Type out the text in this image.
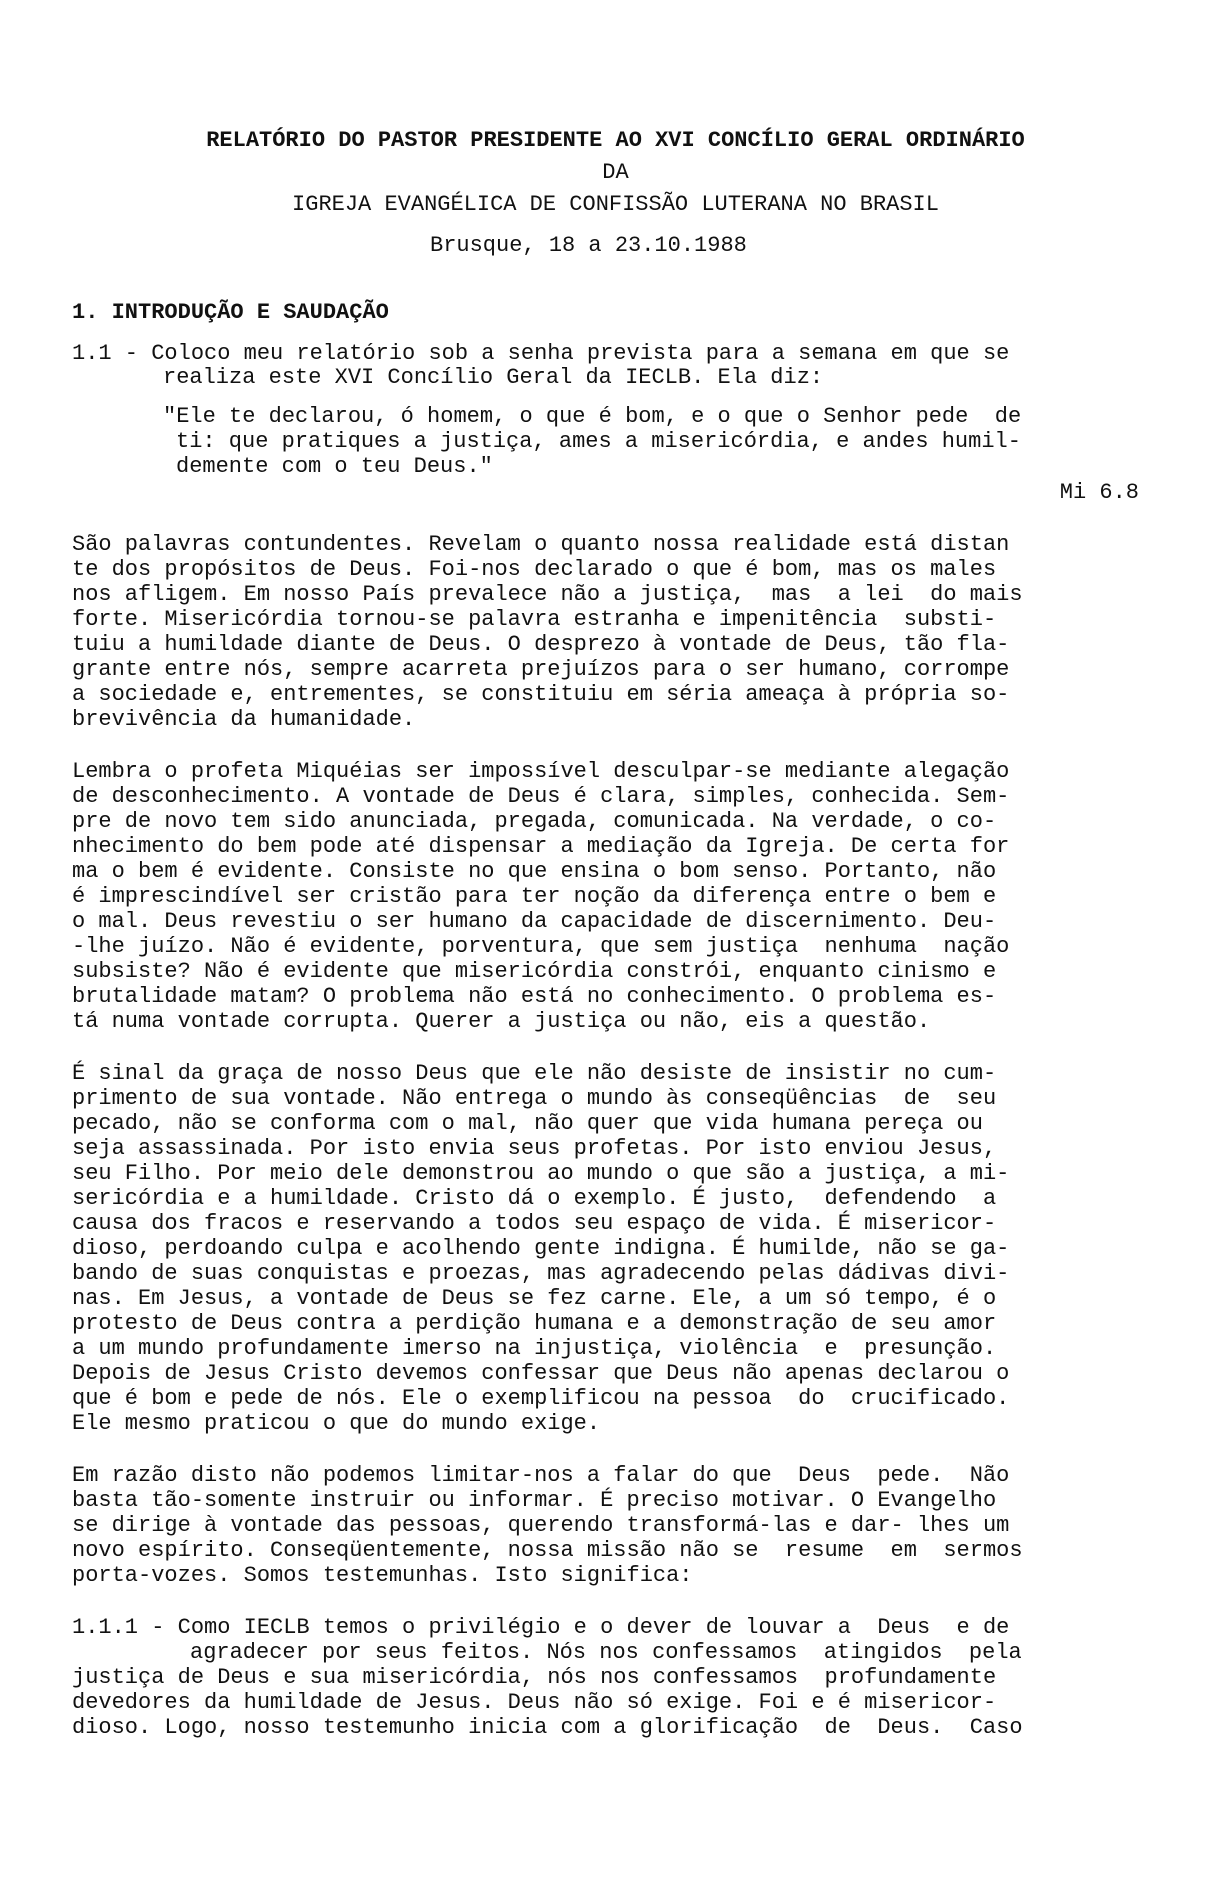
RELATÓRIO DO PASTOR PRESIDENTE AO XVI CONCÍLIO GERAL ORDINÁRIO
DA
IGREJA EVANGÉLICA DE CONFISSÃO LUTERANA NO BRASIL
Brusque, 18 a 23.10.1988
1. INTRODUÇÃO E SAUDAÇÃO
1.1 - Coloco meu relatório sob a senha prevista para a semana em que se
realiza este XVI Concílio Geral da IECLB. Ela diz:
"Ele te declarou, ó homem, o que é bom, e o que o Senhor pede  de
ti: que pratiques a justiça, ames a misericórdia, e andes humil-
demente com o teu Deus."
Mi 6.8
São palavras contundentes. Revelam o quanto nossa realidade está distan
te dos propósitos de Deus. Foi-nos declarado o que é bom, mas os males
nos afligem. Em nosso País prevalece não a justiça,  mas  a lei  do mais
forte. Misericórdia tornou-se palavra estranha e impenitência  substi-
tuiu a humildade diante de Deus. O desprezo à vontade de Deus, tão fla-
grante entre nós, sempre acarreta prejuízos para o ser humano, corrompe
a sociedade e, entrementes, se constituiu em séria ameaça à própria so-
brevivência da humanidade.
Lembra o profeta Miquéias ser impossível desculpar-se mediante alegação
de desconhecimento. A vontade de Deus é clara, simples, conhecida. Sem-
pre de novo tem sido anunciada, pregada, comunicada. Na verdade, o co-
nhecimento do bem pode até dispensar a mediação da Igreja. De certa for
ma o bem é evidente. Consiste no que ensina o bom senso. Portanto, não
é imprescindível ser cristão para ter noção da diferença entre o bem e
o mal. Deus revestiu o ser humano da capacidade de discernimento. Deu-
-lhe juízo. Não é evidente, porventura, que sem justiça  nenhuma  nação
subsiste? Não é evidente que misericórdia constrói, enquanto cinismo e
brutalidade matam? O problema não está no conhecimento. O problema es-
tá numa vontade corrupta. Querer a justiça ou não, eis a questão.
É sinal da graça de nosso Deus que ele não desiste de insistir no cum-
primento de sua vontade. Não entrega o mundo às conseqüências  de  seu
pecado, não se conforma com o mal, não quer que vida humana pereça ou
seja assassinada. Por isto envia seus profetas. Por isto enviou Jesus,
seu Filho. Por meio dele demonstrou ao mundo o que são a justiça, a mi-
sericórdia e a humildade. Cristo dá o exemplo. É justo,  defendendo  a
causa dos fracos e reservando a todos seu espaço de vida. É misericor-
dioso, perdoando culpa e acolhendo gente indigna. É humilde, não se ga-
bando de suas conquistas e proezas, mas agradecendo pelas dádivas divi-
nas. Em Jesus, a vontade de Deus se fez carne. Ele, a um só tempo, é o
protesto de Deus contra a perdição humana e a demonstração de seu amor
a um mundo profundamente imerso na injustiça, violência  e  presunção.
Depois de Jesus Cristo devemos confessar que Deus não apenas declarou o
que é bom e pede de nós. Ele o exemplificou na pessoa  do  crucificado.
Ele mesmo praticou o que do mundo exige.
Em razão disto não podemos limitar-nos a falar do que  Deus  pede.  Não
basta tão-somente instruir ou informar. É preciso motivar. O Evangelho
se dirige à vontade das pessoas, querendo transformá-las e dar- lhes um
novo espírito. Conseqüentemente, nossa missão não se  resume  em  sermos
porta-vozes. Somos testemunhas. Isto significa:
1.1.1 - Como IECLB temos o privilégio e o dever de louvar a  Deus  e de
agradecer por seus feitos. Nós nos confessamos  atingidos  pela
justiça de Deus e sua misericórdia, nós nos confessamos  profundamente
devedores da humildade de Jesus. Deus não só exige. Foi e é misericor-
dioso. Logo, nosso testemunho inicia com a glorificação  de  Deus.  Caso
